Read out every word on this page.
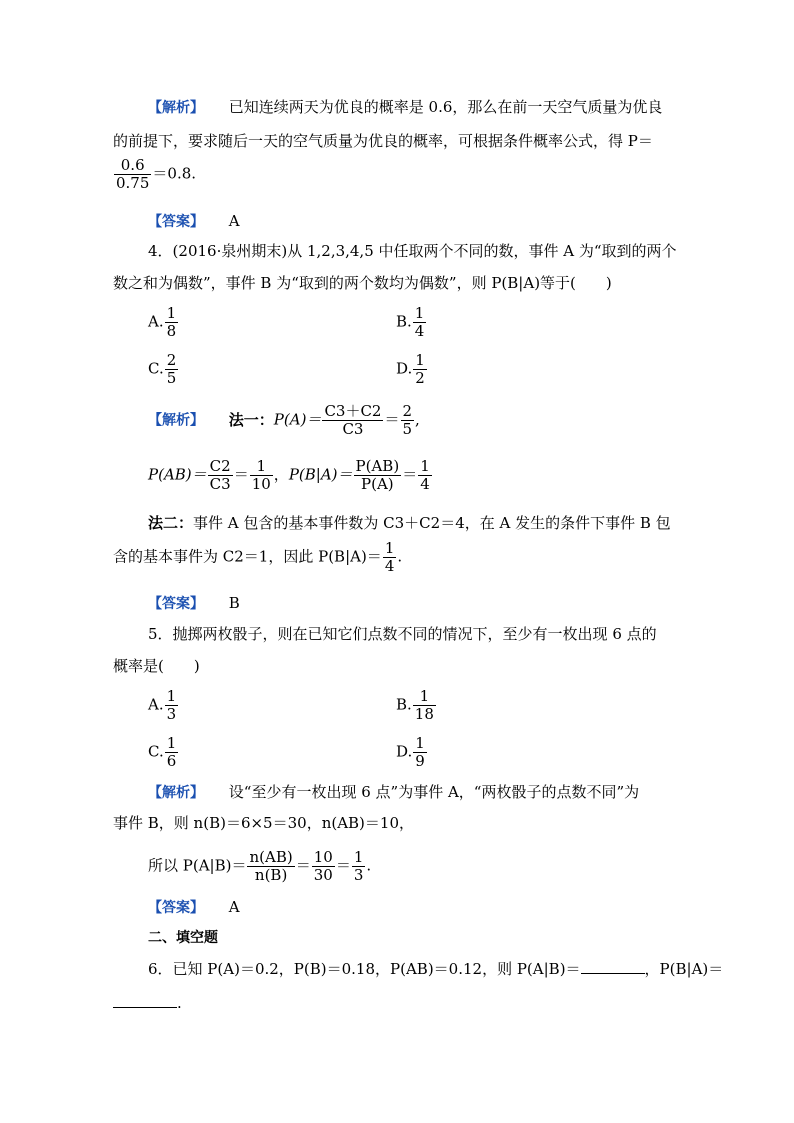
【解析】 已知连续两天为优良的概率是 0.6，那么在前一天空气质量为优良
的前提下，要求随后一天的空气质量为优良的概率，可根据条件概率公式，得 P＝
$\frac{0.6}{0.75} =0.8$.
【答案】 A
4．(2016·泉州期末)从 1,2,3,4,5 中任取两个不同的数，事件 A 为“取到的两个
数之和为偶数”，事件 B 为“取到的两个数均为偶数”，则 P(B|A)等于(　　)
A. $\frac{1}{8}$	B. $\frac{1}{4}$
C. $\frac{2}{5}$	D. $\frac{1}{2}$
【解析】 法一：$P(A)= \frac{C3+C2}{C3} = \frac{2}{5}$ ,
$P(AB)= \frac{C2}{C3} = \frac{1}{10}$ ，$P(B|A)= \frac{P(AB)}{P(A)} = \frac{1}{4}$
法二：事件 A 包含的基本事件数为 C3＋C2＝4，在 A 发生的条件下事件 B 包
含的基本事件为 C2＝1，因此 $P(B|A)= \frac{1}{4}$ .
【答案】 B
5．抛掷两枚骰子，则在已知它们点数不同的情况下，至少有一枚出现 6 点的
概率是(　　)
A. $\frac{1}{3}$	B. $\frac{1}{18}$
C. $\frac{1}{6}$	D. $\frac{1}{9}$
【解析】 设“至少有一枚出现 6 点”为事件 A，“两枚骰子的点数不同”为
事件 B，则 n(B)＝6×5＝30，n(AB)＝10，
所以 $P(A|B)= \frac{n(AB)}{n(B)} = \frac{10}{30} = \frac{1}{3}$ .
【答案】 A
二、填空题
6．已知 P(A)＝0.2，P(B)＝0.18，P(AB)＝0.12，则 P(A|B)＝	，P(B|A)＝
.
